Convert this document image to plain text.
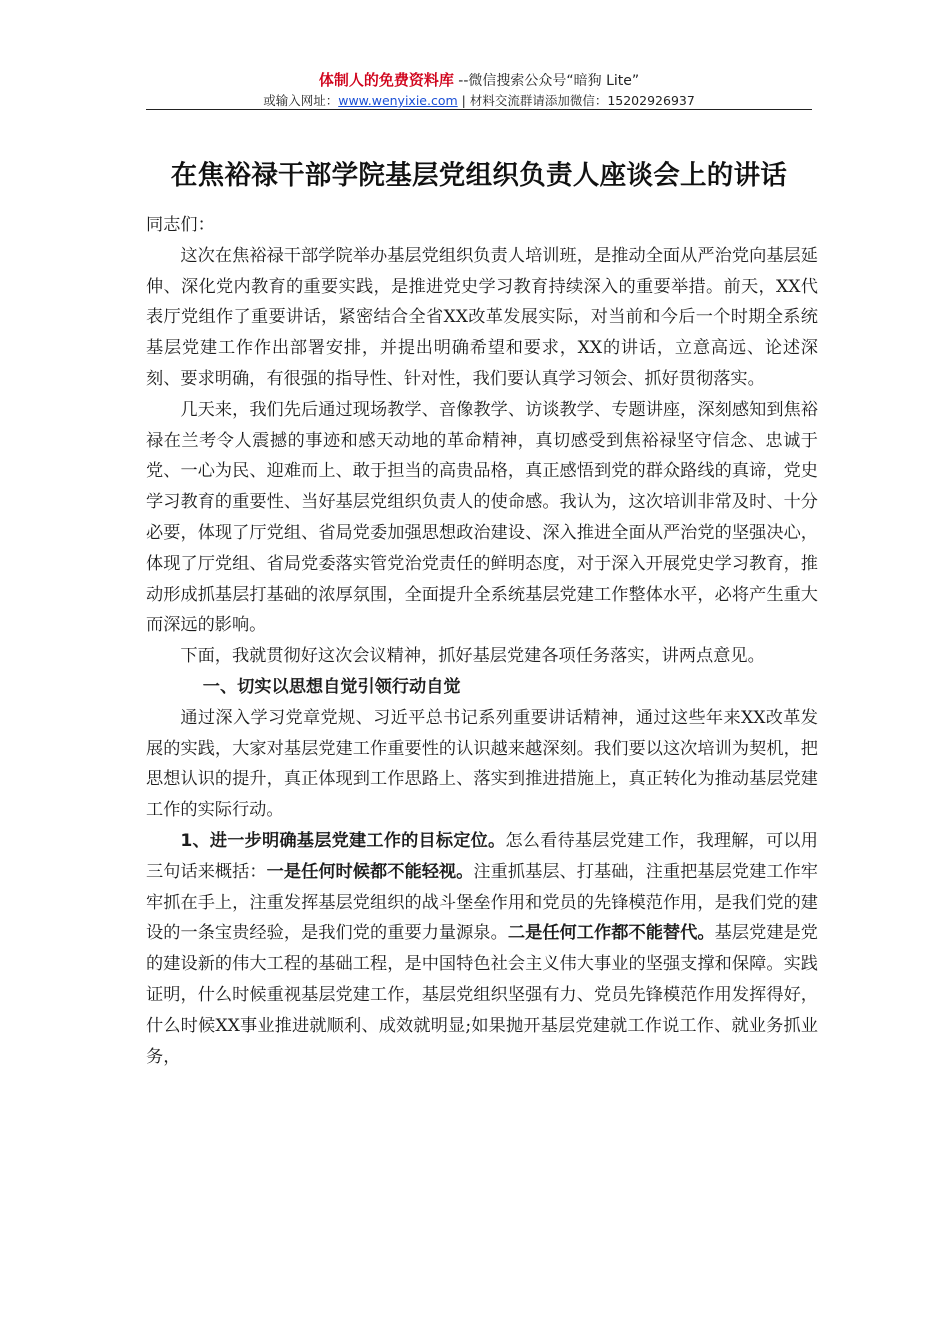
体制人的免费资料库 --微信搜索公众号“暗狗 Lite”
或输入网址：www.wenyixie.com | 材料交流群请添加微信：15202926937
在焦裕禄干部学院基层党组织负责人座谈会上的讲话

同志们：

这次在焦裕禄干部学院举办基层党组织负责人培训班，是推动全面从严治党向基层延伸、深化党内教育的重要实践，是推进党史学习教育持续深入的重要举措。前天，XX代表厅党组作了重要讲话，紧密结合全省XX改革发展实际，对当前和今后一个时期全系统基层党建工作作出部署安排，并提出明确希望和要求，XX的讲话，立意高远、论述深刻、要求明确，有很强的指导性、针对性，我们要认真学习领会、抓好贯彻落实。

几天来，我们先后通过现场教学、音像教学、访谈教学、专题讲座，深刻感知到焦裕禄在兰考令人震撼的事迹和感天动地的革命精神，真切感受到焦裕禄坚守信念、忠诚于党、一心为民、迎难而上、敢于担当的高贵品格，真正感悟到党的群众路线的真谛，党史学习教育的重要性、当好基层党组织负责人的使命感。我认为，这次培训非常及时、十分必要，体现了厅党组、省局党委加强思想政治建设、深入推进全面从严治党的坚强决心，体现了厅党组、省局党委落实管党治党责任的鲜明态度，对于深入开展党史学习教育，推动形成抓基层打基础的浓厚氛围，全面提升全系统基层党建工作整体水平，必将产生重大而深远的影响。

下面，我就贯彻好这次会议精神，抓好基层党建各项任务落实，讲两点意见。

一、切实以思想自觉引领行动自觉

通过深入学习党章党规、习近平总书记系列重要讲话精神，通过这些年来XX改革发展的实践，大家对基层党建工作重要性的认识越来越深刻。我们要以这次培训为契机，把思想认识的提升，真正体现到工作思路上、落实到推进措施上，真正转化为推动基层党建工作的实际行动。

1、进一步明确基层党建工作的目标定位。怎么看待基层党建工作，我理解，可以用三句话来概括：一是任何时候都不能轻视。注重抓基层、打基础，注重把基层党建工作牢牢抓在手上，注重发挥基层党组织的战斗堡垒作用和党员的先锋模范作用，是我们党的建设的一条宝贵经验，是我们党的重要力量源泉。二是任何工作都不能替代。基层党建是党的建设新的伟大工程的基础工程，是中国特色社会主义伟大事业的坚强支撑和保障。实践证明，什么时候重视基层党建工作，基层党组织坚强有力、党员先锋模范作用发挥得好，什么时候XX事业推进就顺利、成效就明显;如果抛开基层党建就工作说工作、就业务抓业务，
